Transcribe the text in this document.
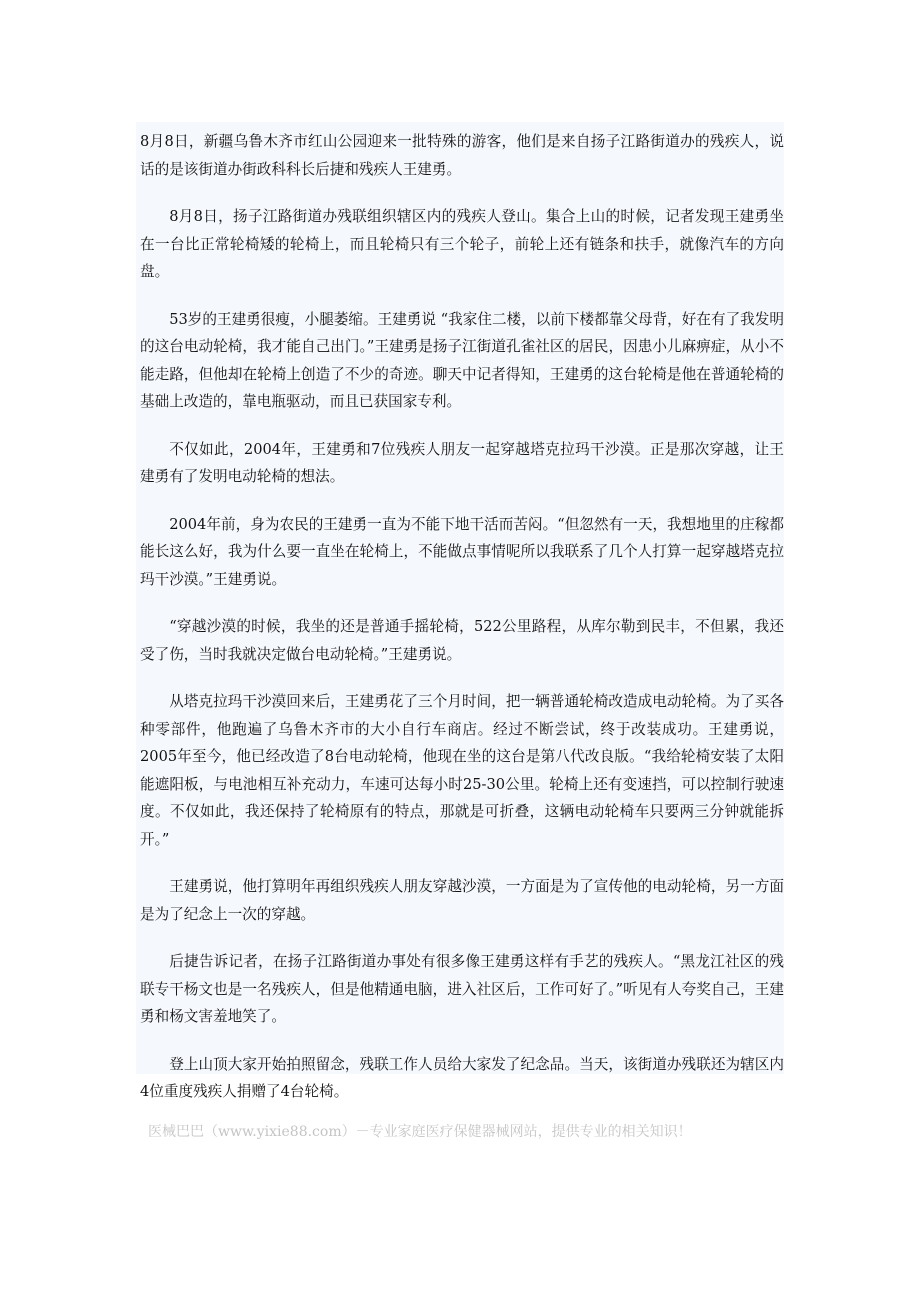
8月8日，新疆乌鲁木齐市红山公园迎来一批特殊的游客，他们是来自扬子江路街道办的残疾人，说话的是该街道办街政科科长后捷和残疾人王建勇。

8月8日，扬子江路街道办残联组织辖区内的残疾人登山。集合上山的时候，记者发现王建勇坐在一台比正常轮椅矮的轮椅上，而且轮椅只有三个轮子，前轮上还有链条和扶手，就像汽车的方向盘。

53岁的王建勇很瘦，小腿萎缩。王建勇说 “我家住二楼，以前下楼都靠父母背，好在有了我发明的这台电动轮椅，我才能自己出门。”王建勇是扬子江街道孔雀社区的居民，因患小儿麻痹症，从小不能走路，但他却在轮椅上创造了不少的奇迹。聊天中记者得知，王建勇的这台轮椅是他在普通轮椅的基础上改造的，靠电瓶驱动，而且已获国家专利。

不仅如此，2004年，王建勇和7位残疾人朋友一起穿越塔克拉玛干沙漠。正是那次穿越，让王建勇有了发明电动轮椅的想法。

2004年前，身为农民的王建勇一直为不能下地干活而苦闷。“但忽然有一天，我想地里的庄稼都能长这么好，我为什么要一直坐在轮椅上，不能做点事情呢所以我联系了几个人打算一起穿越塔克拉玛干沙漠。”王建勇说。

“穿越沙漠的时候，我坐的还是普通手摇轮椅，522公里路程，从库尔勒到民丰，不但累，我还受了伤，当时我就决定做台电动轮椅。”王建勇说。

从塔克拉玛干沙漠回来后，王建勇花了三个月时间，把一辆普通轮椅改造成电动轮椅。为了买各种零部件，他跑遍了乌鲁木齐市的大小自行车商店。经过不断尝试，终于改装成功。王建勇说，2005年至今，他已经改造了8台电动轮椅，他现在坐的这台是第八代改良版。“我给轮椅安装了太阳能遮阳板，与电池相互补充动力，车速可达每小时25-30公里。轮椅上还有变速挡，可以控制行驶速度。不仅如此，我还保持了轮椅原有的特点，那就是可折叠，这辆电动轮椅车只要两三分钟就能拆开。”

王建勇说，他打算明年再组织残疾人朋友穿越沙漠，一方面是为了宣传他的电动轮椅，另一方面是为了纪念上一次的穿越。

后捷告诉记者，在扬子江路街道办事处有很多像王建勇这样有手艺的残疾人。“黑龙江社区的残联专干杨文也是一名残疾人，但是他精通电脑，进入社区后，工作可好了。”听见有人夸奖自己，王建勇和杨文害羞地笑了。

登上山顶大家开始拍照留念，残联工作人员给大家发了纪念品。当天，该街道办残联还为辖区内4位重度残疾人捐赠了4台轮椅。

医械巴巴（www.yixie88.com）－专业家庭医疗保健器械网站，提供专业的相关知识！
